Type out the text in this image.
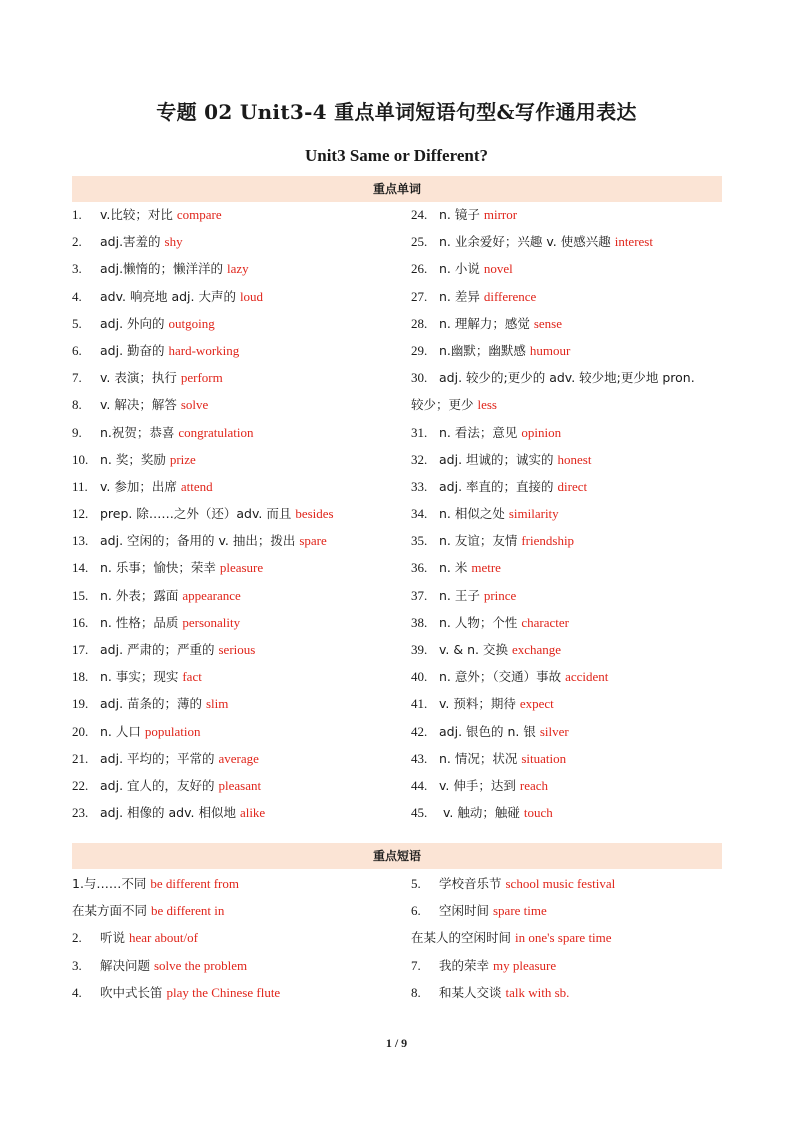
专题 02 Unit3-4 重点单词短语句型&写作通用表达
Unit3 Same or Different?
重点单词
1. v.比较；对比 compare
2. adj.害羞的 shy
3. adj.懒惰的；懒洋洋的 lazy
4. adv. 响亮地 adj. 大声的 loud
5. adj. 外向的 outgoing
6. adj. 勤奋的 hard-working
7. v. 表演；执行 perform
8. v. 解决；解答 solve
9. n.祝贺；恭喜 congratulation
10. n. 奖；奖励 prize
11. v. 参加；出席 attend
12. prep. 除……之外（还）adv. 而且 besides
13. adj. 空闲的；备用的 v. 抽出；拨出 spare
14. n. 乐事；愉快；荣幸 pleasure
15. n. 外表；露面 appearance
16. n. 性格；品质 personality
17. adj. 严肃的；严重的 serious
18. n. 事实；现实 fact
19. adj. 苗条的；薄的 slim
20. n. 人口 population
21. adj. 平均的；平常的 average
22. adj. 宜人的，友好的 pleasant
23. adj. 相像的 adv. 相似地 alike
24. n. 镜子 mirror
25. n. 业余爱好；兴趣 v. 使感兴趣 interest
26. n. 小说 novel
27. n. 差异 difference
28. n. 理解力；感觉 sense
29. n.幽默；幽默感 humour
30. adj. 较少的;更少的 adv. 较少地;更少地 pron.
较少；更少 less
31. n. 看法；意见 opinion
32. adj. 坦诚的；诚实的 honest
33. adj. 率直的；直接的 direct
34. n. 相似之处 similarity
35. n. 友谊；友情 friendship
36. n. 米 metre
37. n. 王子 prince
38. n. 人物；个性 character
39. v. & n. 交换 exchange
40. n. 意外；（交通）事故 accident
41. v. 预料；期待 expect
42. adj. 银色的 n. 银 silver
43. n. 情况；状况 situation
44. v. 伸手；达到 reach
45. v. 触动；触碰 touch
重点短语
1.与……不同 be different from
在某方面不同 be different in
2. 听说 hear about/of
3. 解决问题 solve the problem
4. 吹中式长笛 play the Chinese flute
5. 学校音乐节 school music festival
6. 空闲时间 spare time
在某人的空闲时间 in one's spare time
7. 我的荣幸 my pleasure
8. 和某人交谈 talk with sb.
1 / 9
